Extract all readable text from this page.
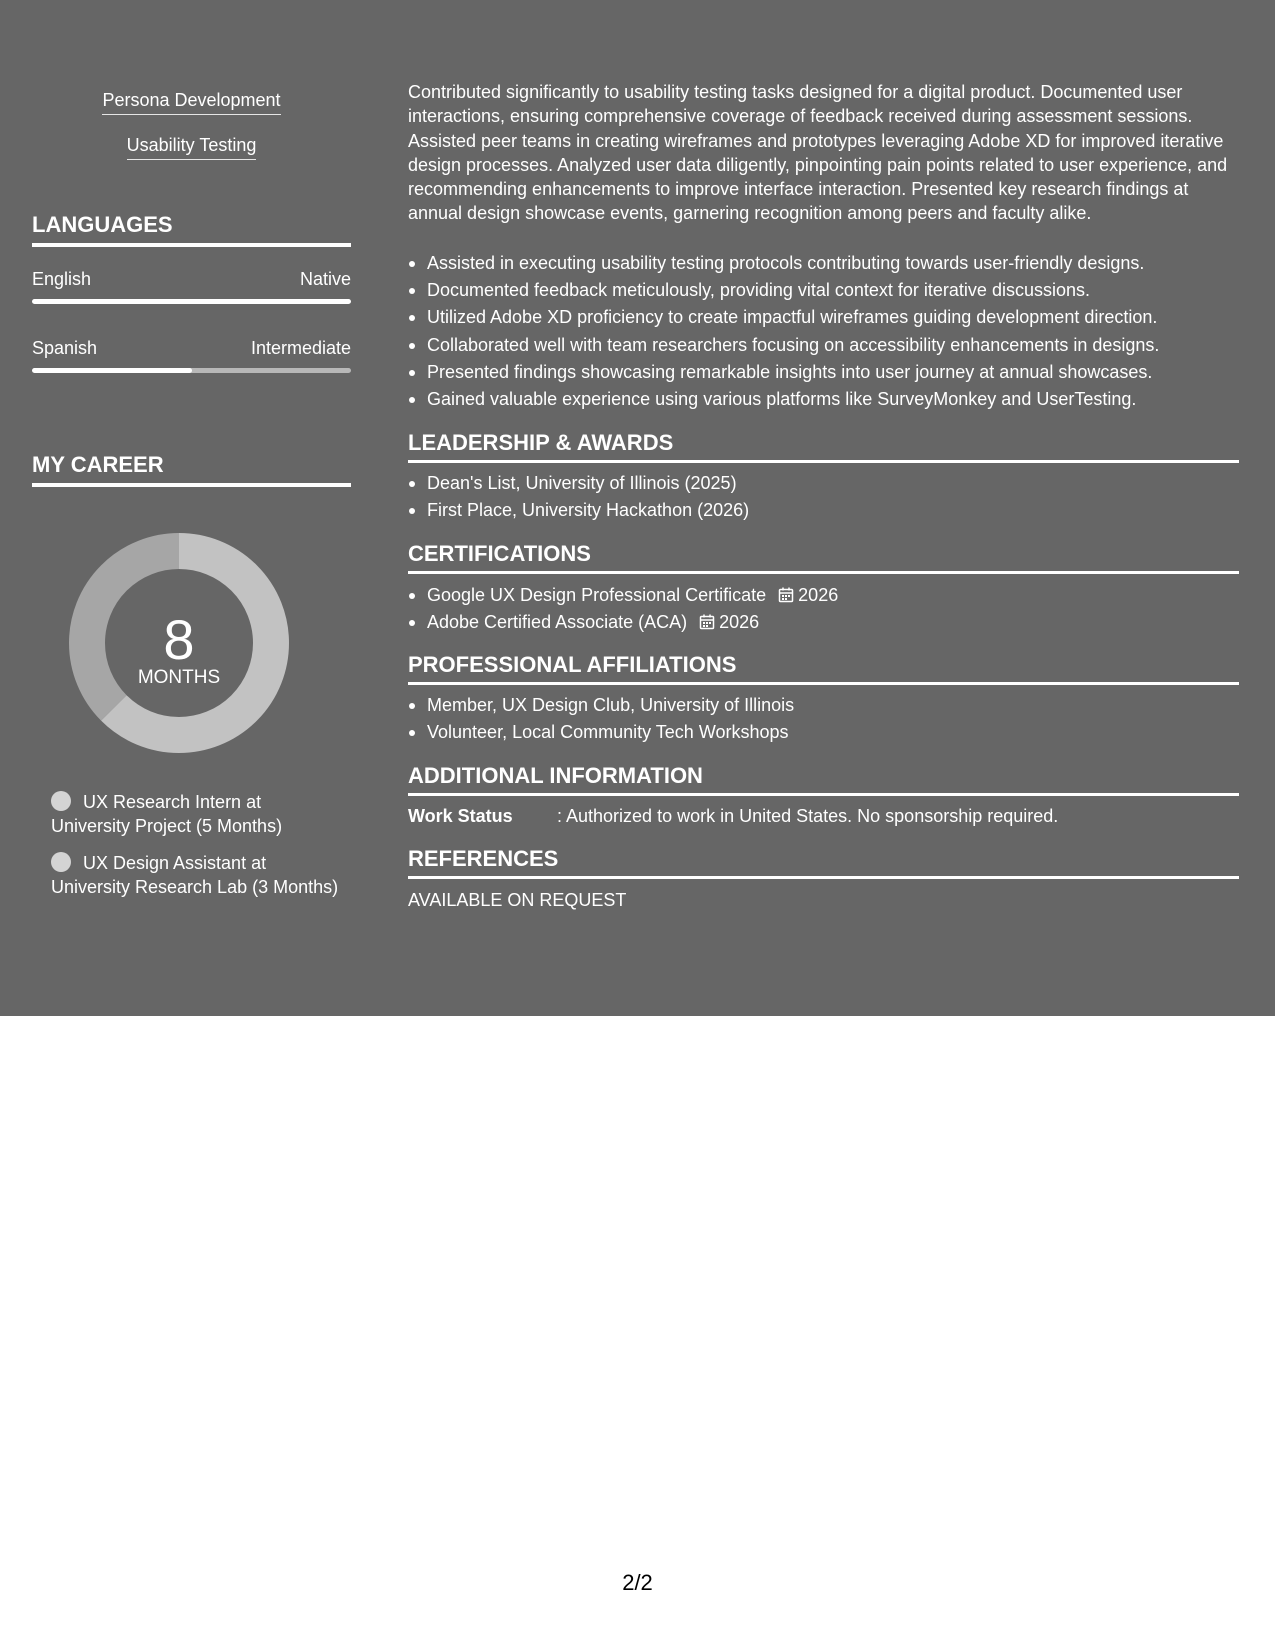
Persona Development
Usability Testing
LANGUAGES
English	Native
Spanish	Intermediate
MY CAREER
UX Research Intern at University Project (5 Months)
UX Design Assistant at University Research Lab (3 Months)
8
MONTHS

Contributed significantly to usability testing tasks designed for a digital product. Documented user interactions, ensuring comprehensive coverage of feedback received during assessment sessions. Assisted peer teams in creating wireframes and prototypes leveraging Adobe XD for improved iterative design processes. Analyzed user data diligently, pinpointing pain points related to user experience, and recommending enhancements to improve interface interaction. Presented key research findings at annual design showcase events, garnering recognition among peers and faculty alike.

Assisted in executing usability testing protocols contributing towards user-friendly designs.
Documented feedback meticulously, providing vital context for iterative discussions.
Utilized Adobe XD proficiency to create impactful wireframes guiding development direction.
Collaborated well with team researchers focusing on accessibility enhancements in designs.
Presented findings showcasing remarkable insights into user journey at annual showcases.
Gained valuable experience using various platforms like SurveyMonkey and UserTesting.
LEADERSHIP & AWARDS
Dean's List, University of Illinois (2025)
First Place, University Hackathon (2026)
CERTIFICATIONS
Google UX Design Professional Certificate 2026
Adobe Certified Associate (ACA) 2026
PROFESSIONAL AFFILIATIONS
Member, UX Design Club, University of Illinois
Volunteer, Local Community Tech Workshops
ADDITIONAL INFORMATION
Work Status : Authorized to work in United States. No sponsorship required.
REFERENCES
AVAILABLE ON REQUEST
2/2
